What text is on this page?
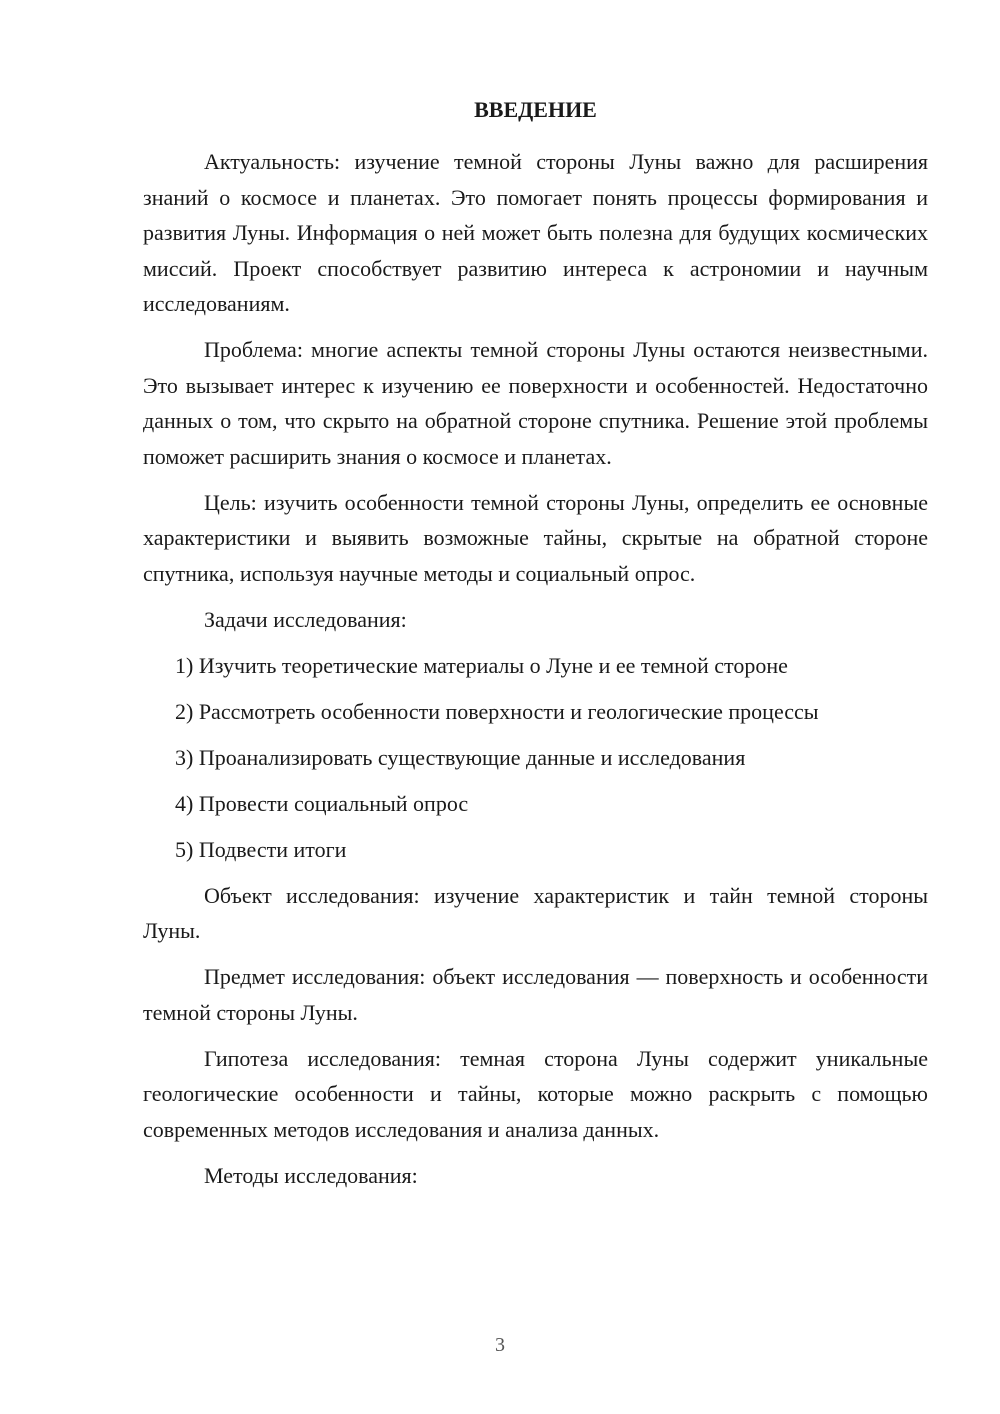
ВВЕДЕНИЕ

Актуальность: изучение темной стороны Луны важно для расширения знаний о космосе и планетах. Это помогает понять процессы формирования и развития Луны. Информация о ней может быть полезна для будущих космических миссий. Проект способствует развитию интереса к астрономии и научным исследованиям.

Проблема: многие аспекты темной стороны Луны остаются неизвестными. Это вызывает интерес к изучению ее поверхности и особенностей. Недостаточно данных о том, что скрыто на обратной стороне спутника. Решение этой проблемы поможет расширить знания о космосе и планетах.

Цель: изучить особенности темной стороны Луны, определить ее основные характеристики и выявить возможные тайны, скрытые на обратной стороне спутника, используя научные методы и социальный опрос.

Задачи исследования:

1) Изучить теоретические материалы о Луне и ее темной стороне
2) Рассмотреть особенности поверхности и геологические процессы
3) Проанализировать существующие данные и исследования
4) Провести социальный опрос
5) Подвести итоги

Объект исследования: изучение характеристик и тайн темной стороны Луны.

Предмет исследования: объект исследования — поверхность и особенности темной стороны Луны.

Гипотеза исследования: темная сторона Луны содержит уникальные геологические особенности и тайны, которые можно раскрыть с помощью современных методов исследования и анализа данных.

Методы исследования:

3
